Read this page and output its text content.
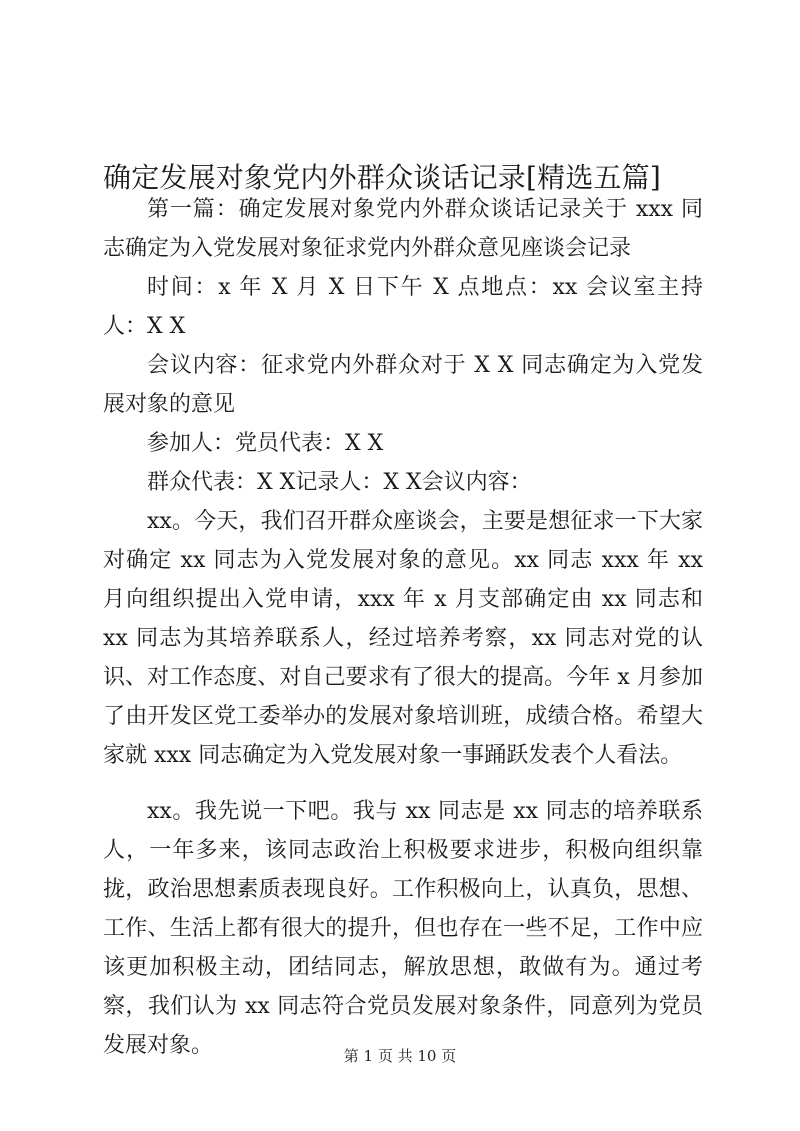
确定发展对象党内外群众谈话记录[精选五篇]

第一篇：确定发展对象党内外群众谈话记录关于 xxx 同志确定为入党发展对象征求党内外群众意见座谈会记录

时间：x 年 X 月 X 日下午 X 点地点：xx 会议室主持人：X X

会议内容：征求党内外群众对于 X X 同志确定为入党发展对象的意见

参加人：党员代表：X X

群众代表：X X记录人：X X会议内容：

xx。今天，我们召开群众座谈会，主要是想征求一下大家对确定 xx 同志为入党发展对象的意见。xx 同志 xxx 年 xx 月向组织提出入党申请，xxx 年 x 月支部确定由 xx 同志和 xx 同志为其培养联系人，经过培养考察，xx 同志对党的认识、对工作态度、对自己要求有了很大的提高。今年 x 月参加了由开发区党工委举办的发展对象培训班，成绩合格。希望大家就 xxx 同志确定为入党发展对象一事踊跃发表个人看法。

xx。我先说一下吧。我与 xx 同志是 xx 同志的培养联系人，一年多来，该同志政治上积极要求进步，积极向组织靠拢，政治思想素质表现良好。工作积极向上，认真负，思想、工作、生活上都有很大的提升，但也存在一些不足，工作中应该更加积极主动，团结同志，解放思想，敢做有为。通过考察，我们认为 xx 同志符合党员发展对象条件，同意列为党员发展对象。	第 1 页 共 10 页
